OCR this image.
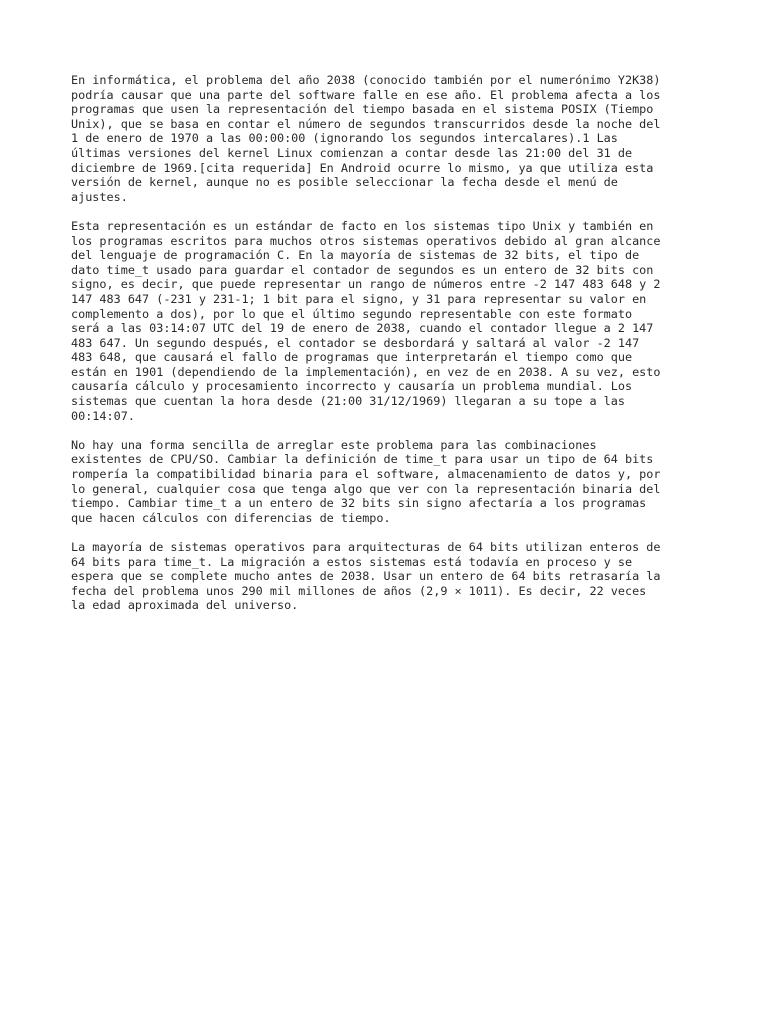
En informática, el problema del año 2038 (conocido también por el numerónimo Y2K38)
podría causar que una parte del software falle en ese año. El problema afecta a los
programas que usen la representación del tiempo basada en el sistema POSIX (Tiempo
Unix), que se basa en contar el número de segundos transcurridos desde la noche del
1 de enero de 1970 a las 00:00:00 (ignorando los segundos intercalares).1 Las
últimas versiones del kernel Linux comienzan a contar desde las 21:00 del 31 de
diciembre de 1969.[cita requerida] En Android ocurre lo mismo, ya que utiliza esta
versión de kernel, aunque no es posible seleccionar la fecha desde el menú de
ajustes.

Esta representación es un estándar de facto en los sistemas tipo Unix y también en
los programas escritos para muchos otros sistemas operativos debido al gran alcance
del lenguaje de programación C. En la mayoría de sistemas de 32 bits, el tipo de
dato time_t usado para guardar el contador de segundos es un entero de 32 bits con
signo, es decir, que puede representar un rango de números entre -2 147 483 648 y 2
147 483 647 (-231 y 231-1; 1 bit para el signo, y 31 para representar su valor en
complemento a dos), por lo que el último segundo representable con este formato
será a las 03:14:07 UTC del 19 de enero de 2038, cuando el contador llegue a 2 147
483 647. Un segundo después, el contador se desbordará y saltará al valor -2 147
483 648, que causará el fallo de programas que interpretarán el tiempo como que
están en 1901 (dependiendo de la implementación), en vez de en 2038. A su vez, esto
causaría cálculo y procesamiento incorrecto y causaría un problema mundial. Los
sistemas que cuentan la hora desde (21:00 31/12/1969) llegaran a su tope a las
00:14:07.

No hay una forma sencilla de arreglar este problema para las combinaciones
existentes de CPU/SO. Cambiar la definición de time_t para usar un tipo de 64 bits
rompería la compatibilidad binaria para el software, almacenamiento de datos y, por
lo general, cualquier cosa que tenga algo que ver con la representación binaria del
tiempo. Cambiar time_t a un entero de 32 bits sin signo afectaría a los programas
que hacen cálculos con diferencias de tiempo.

La mayoría de sistemas operativos para arquitecturas de 64 bits utilizan enteros de
64 bits para time_t. La migración a estos sistemas está todavía en proceso y se
espera que se complete mucho antes de 2038. Usar un entero de 64 bits retrasaría la
fecha del problema unos 290 mil millones de años (2,9 × 1011). Es decir, 22 veces
la edad aproximada del universo.
